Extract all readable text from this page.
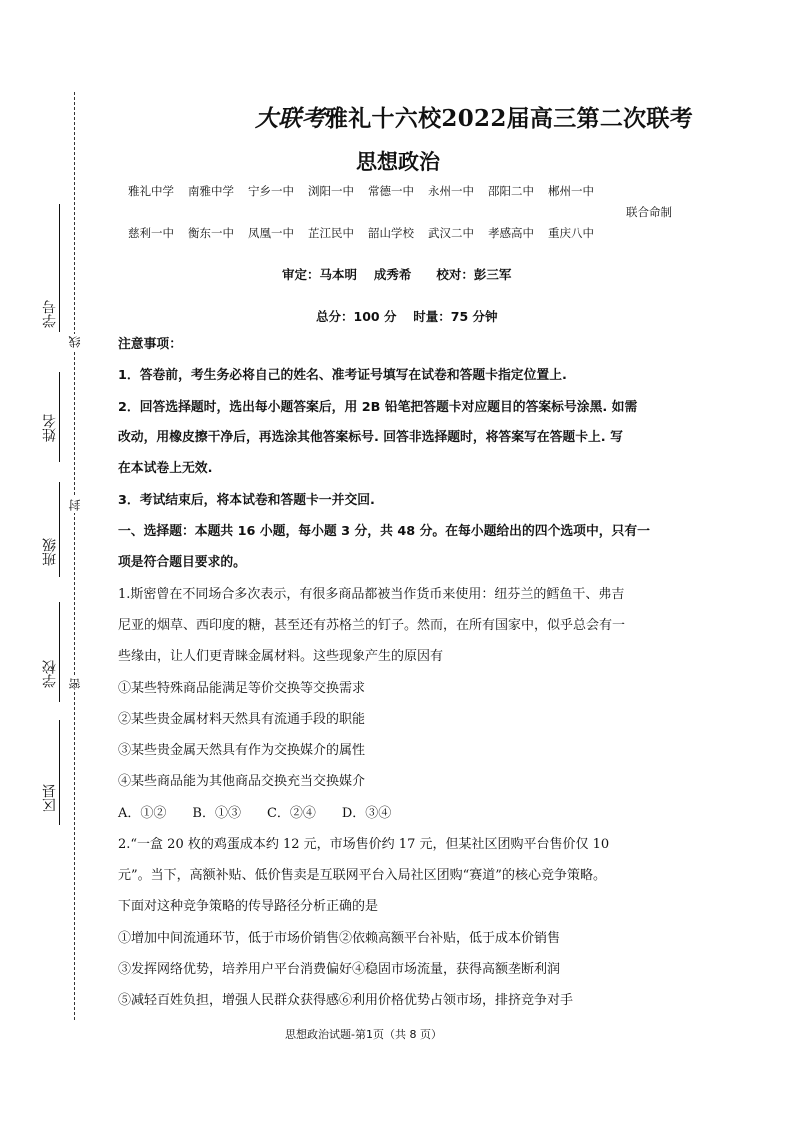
学号
姓名
班级
学校
区县
线
封
密
大联考雅礼十六校2022届高三第二次联考
思想政治
雅礼中学 南雅中学 宁乡一中 浏阳一中 常德一中 永州一中 邵阳二中 郴州一中
联合命制
慈利一中 衡东一中 凤凰一中 芷江民中 韶山学校 武汉二中 孝感高中 重庆八中
审定：马本明　 成秀希　　校对：彭三军
总分：100 分　 时量：75 分钟
注意事项：
1．答卷前，考生务必将自己的姓名、准考证号填写在试卷和答题卡指定位置上.
2．回答选择题时，选出每小题答案后，用 2B 铅笔把答题卡对应题目的答案标号涂黑. 如需
改动，用橡皮擦干净后，再选涂其他答案标号. 回答非选择题时，将答案写在答题卡上. 写
在本试卷上无效.
3．考试结束后，将本试卷和答题卡一并交回.
一、选择题：本题共 16 小题，每小题 3 分，共 48 分。在每小题给出的四个选项中，只有一
项是符合题目要求的。
1.斯密曾在不同场合多次表示，有很多商品都被当作货币来使用：纽芬兰的鳕鱼干、弗吉
尼亚的烟草、西印度的糖，甚至还有苏格兰的钉子。然而，在所有国家中，似乎总会有一
些缘由，让人们更青睐金属材料。这些现象产生的原因有
①某些特殊商品能满足等价交换等交换需求
②某些贵金属材料天然具有流通手段的职能
③某些贵金属天然具有作为交换媒介的属性
④某些商品能为其他商品交换充当交换媒介
A．①②　　B．①③　　C．②④　　D．③④
2.“一盒 20 枚的鸡蛋成本约 12 元，市场售价约 17 元，但某社区团购平台售价仅 10
元”。当下，高额补贴、低价售卖是互联网平台入局社区团购“赛道”的核心竞争策略。
下面对这种竞争策略的传导路径分析正确的是
①增加中间流通环节，低于市场价销售②依赖高额平台补贴，低于成本价销售
③发挥网络优势，培养用户平台消费偏好④稳固市场流量，获得高额垄断利润
⑤减轻百姓负担，增强人民群众获得感⑥利用价格优势占领市场，排挤竞争对手
思想政治试题-第1页（共 8 页）
